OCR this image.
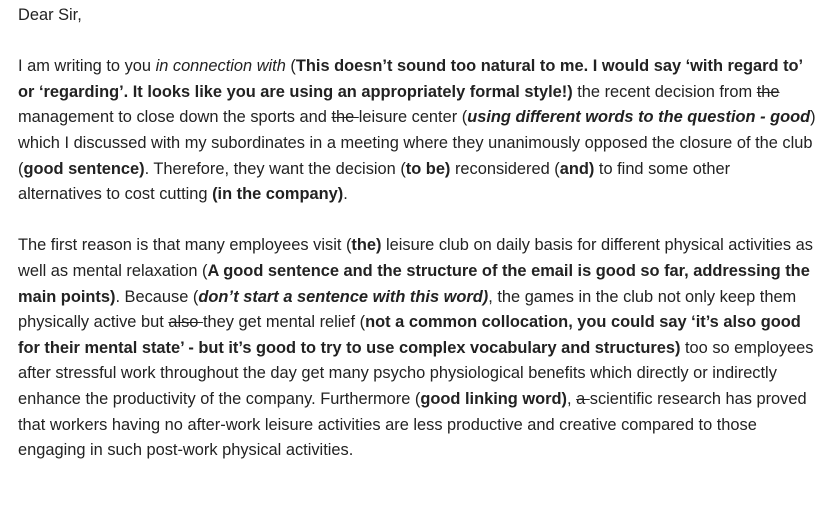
Dear Sir,

I am writing to you in connection with (This doesn’t sound too natural to me. I would say ‘with regard to’ or ‘regarding’. It looks like you are using an appropriately formal style!) the recent decision from the management to close down the sports and the leisure center (using different words to the question - good) which I discussed with my subordinates in a meeting where they unanimously opposed the closure of the club (good sentence). Therefore, they want the decision (to be) reconsidered (and) to find some other alternatives to cost cutting (in the company).

The first reason is that many employees visit (the) leisure club on daily basis for different physical activities as well as mental relaxation (A good sentence and the structure of the email is good so far, addressing the main points). Because (don’t start a sentence with this word), the games in the club not only keep them physically active but also they get mental relief (not a common collocation, you could say ‘it’s also good for their mental state’ - but it’s good to try to use complex vocabulary and structures) too so employees after stressful work throughout the day get many psycho physiological benefits which directly or indirectly enhance the productivity of the company. Furthermore (good linking word), a scientific research has proved that workers having no after-work leisure activities are less productive and creative compared to those engaging in such post-work physical activities.
